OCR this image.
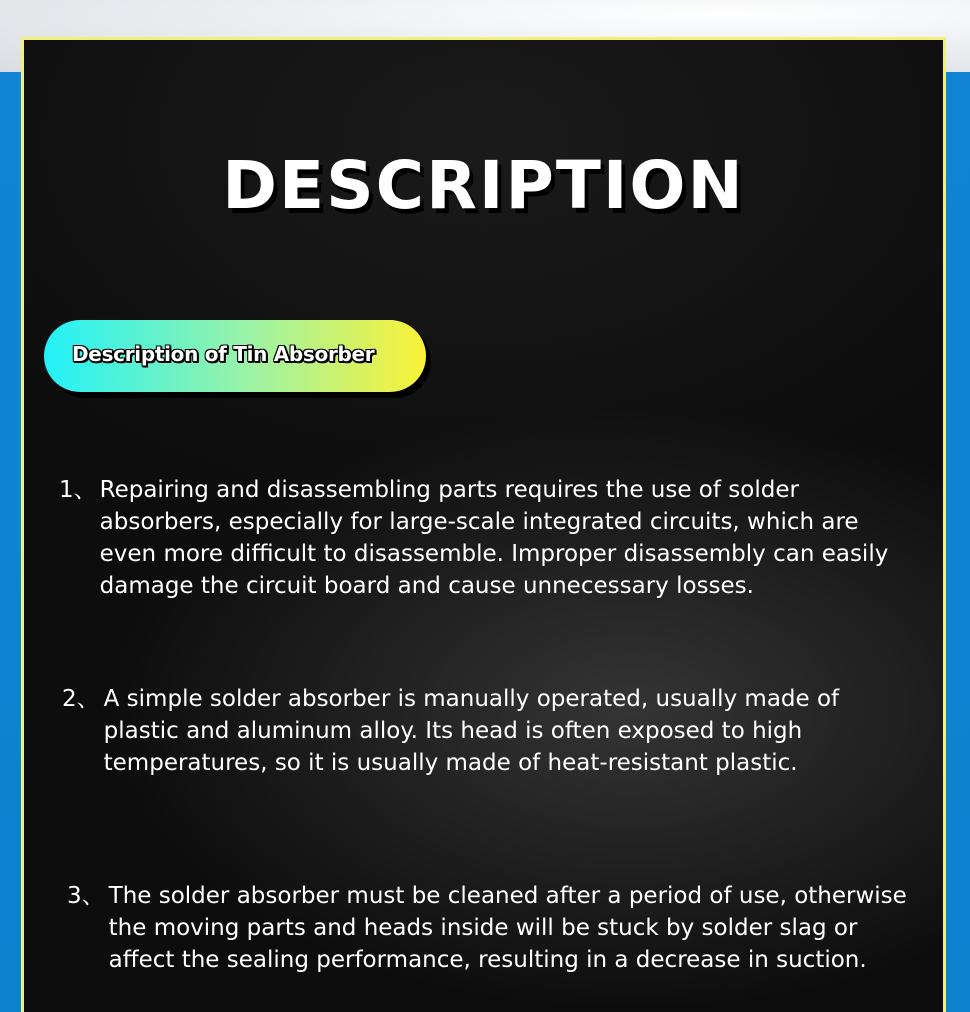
DESCRIPTION
Description of Tin Absorber

1、 Repairing and disassembling parts requires the use of solder absorbers, especially for large-scale integrated circuits, which are even more difficult to disassemble. Improper disassembly can easily damage the circuit board and cause unnecessary losses.

2、 A simple solder absorber is manually operated, usually made of plastic and aluminum alloy. Its head is often exposed to high temperatures, so it is usually made of heat-resistant plastic.

3、 The solder absorber must be cleaned after a period of use, otherwise the moving parts and heads inside will be stuck by solder slag or affect the sealing performance, resulting in a decrease in suction.
